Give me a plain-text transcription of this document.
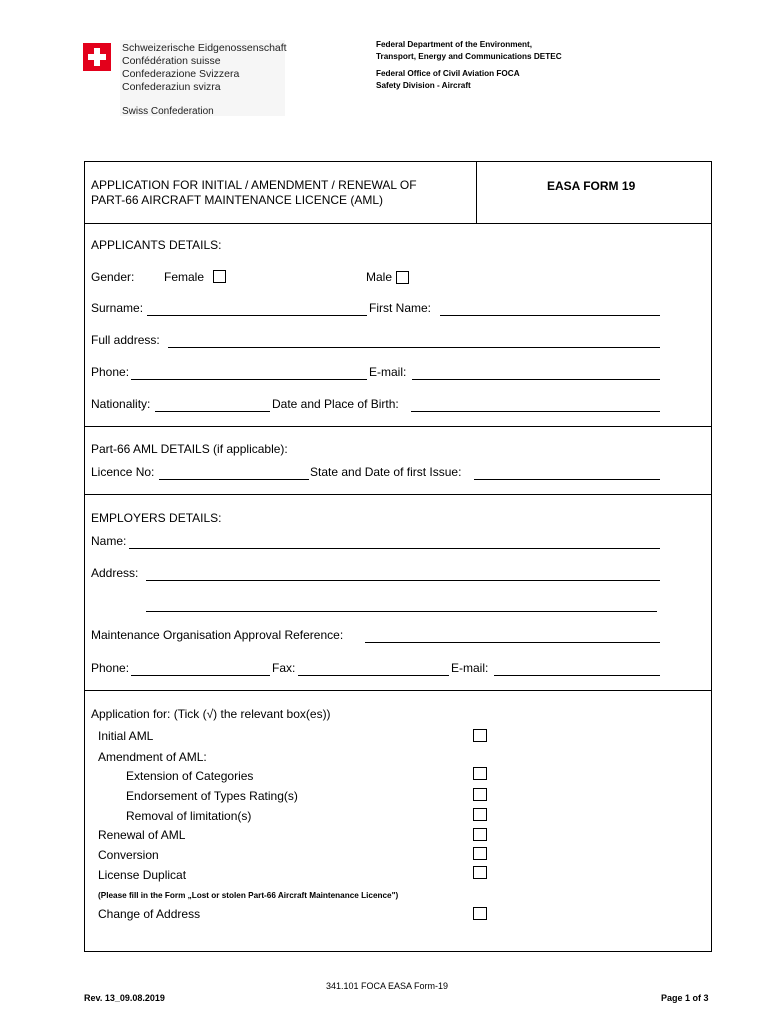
Schweizerische Eidgenossenschaft
Confédération suisse
Confederazione Svizzera
Confederaziun svizra
Swiss Confederation
Federal Department of the Environment,
Transport, Energy and Communications DETEC
Federal Office of Civil Aviation FOCA
Safety Division - Aircraft
APPLICATION FOR INITIAL / AMENDMENT / RENEWAL OF
PART-66 AIRCRAFT MAINTENANCE LICENCE (AML)
EASA FORM 19
APPLICANTS DETAILS:
Gender: Female	Male
Surname:	First Name:
Full address:
Phone:	E-mail:
Nationality:	Date and Place of Birth:
Part-66 AML DETAILS (if applicable):
Licence No:	State and Date of first Issue:
EMPLOYERS DETAILS:
Name:
Address:
Maintenance Organisation Approval Reference:
Phone:	Fax:	E-mail:
Application for: (Tick (√) the relevant box(es))
Initial AML
Amendment of AML:
Extension of Categories
Endorsement of Types Rating(s)
Removal of limitation(s)
Renewal of AML
Conversion
License Duplicat
(Please fill in the Form „Lost or stolen Part-66 Aircraft Maintenance Licence")
Change of Address
341.101 FOCA EASA Form-19
Rev. 13_09.08.2019	Page 1 of 3
